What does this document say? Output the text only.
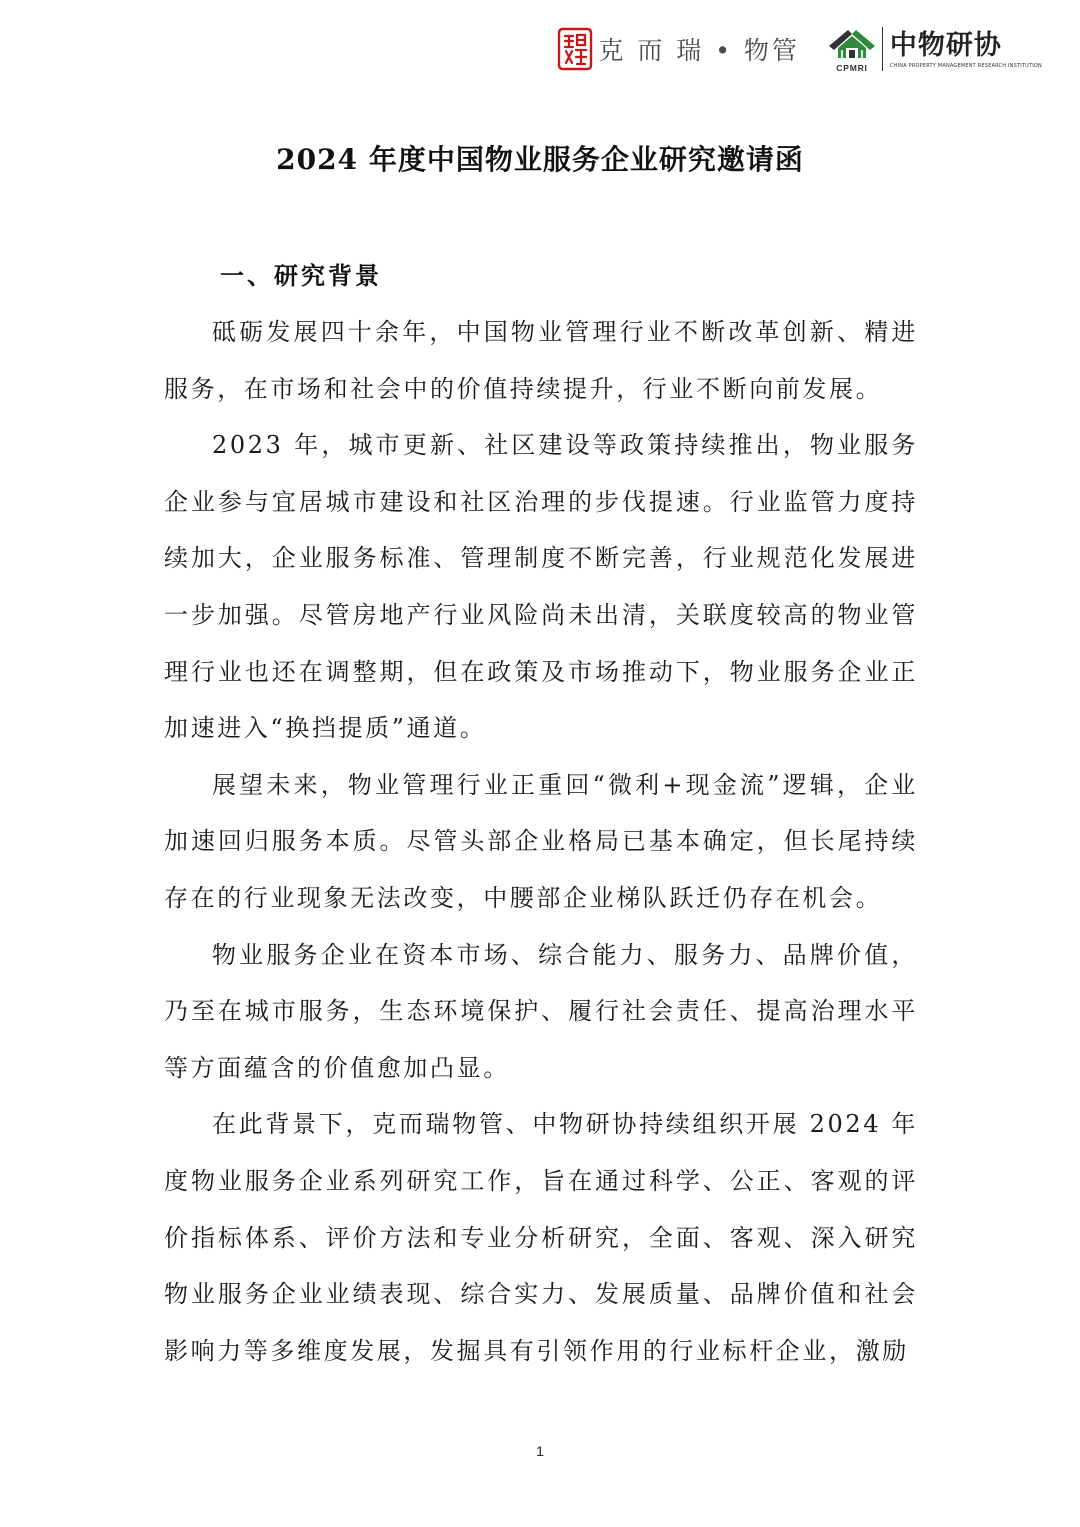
克 而 瑞 • 物管
CPMRI
中物研协
CHINA PROPERTY MANAGEMENT RESEARCH INSTITUTION
2024 年度中国物业服务企业研究邀请函
一、研究背景

砥砺发展四十余年，中国物业管理行业不断改革创新、精进服务，在市场和社会中的价值持续提升，行业不断向前发展。

2023 年，城市更新、社区建设等政策持续推出，物业服务企业参与宜居城市建设和社区治理的步伐提速。行业监管力度持续加大，企业服务标准、管理制度不断完善，行业规范化发展进一步加强。尽管房地产行业风险尚未出清，关联度较高的物业管理行业也还在调整期，但在政策及市场推动下，物业服务企业正加速进入“换挡提质”通道。

展望未来，物业管理行业正重回“微利+现金流”逻辑，企业加速回归服务本质。尽管头部企业格局已基本确定，但长尾持续存在的行业现象无法改变，中腰部企业梯队跃迁仍存在机会。

物业服务企业在资本市场、综合能力、服务力、品牌价值，乃至在城市服务，生态环境保护、履行社会责任、提高治理水平等方面蕴含的价值愈加凸显。

在此背景下，克而瑞物管、中物研协持续组织开展 2024 年度物业服务企业系列研究工作，旨在通过科学、公正、客观的评价指标体系、评价方法和专业分析研究，全面、客观、深入研究物业服务企业业绩表现、综合实力、发展质量、品牌价值和社会影响力等多维度发展，发掘具有引领作用的行业标杆企业，激励

1
